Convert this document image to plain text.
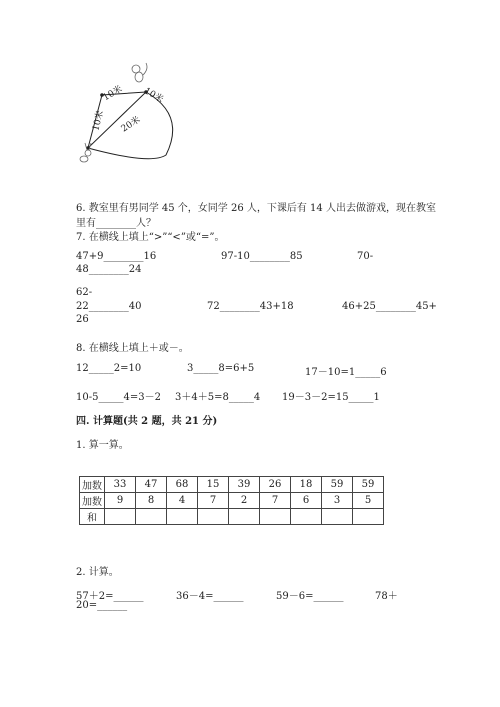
10米
10米 10米
20米
6. 教室里有男同学 45 个，女同学 26 人，下课后有 14 人出去做游戏，现在教室
里有________人？
7. 在横线上填上“>”“<”或“=”。
47+9________16	97-10________85	70-
48________24
62-
22________40	72________43+18	46+25________45+
26
8. 在横线上填上＋或－。
12_____2=10	3_____8=6+5	17－10=1_____6
10-5_____4=3－2 3＋4＋5=8_____4 19－3－2=15_____1
四. 计算题(共 2 题，共 21 分)
1. 算一算。
加数	33	47	68	15	39	26	18	59	59
加数	9	8	4	7	2	7	6	3	5
和									
2. 计算。
57＋2=______	36－4=______	59－6=______	78＋
20=______
